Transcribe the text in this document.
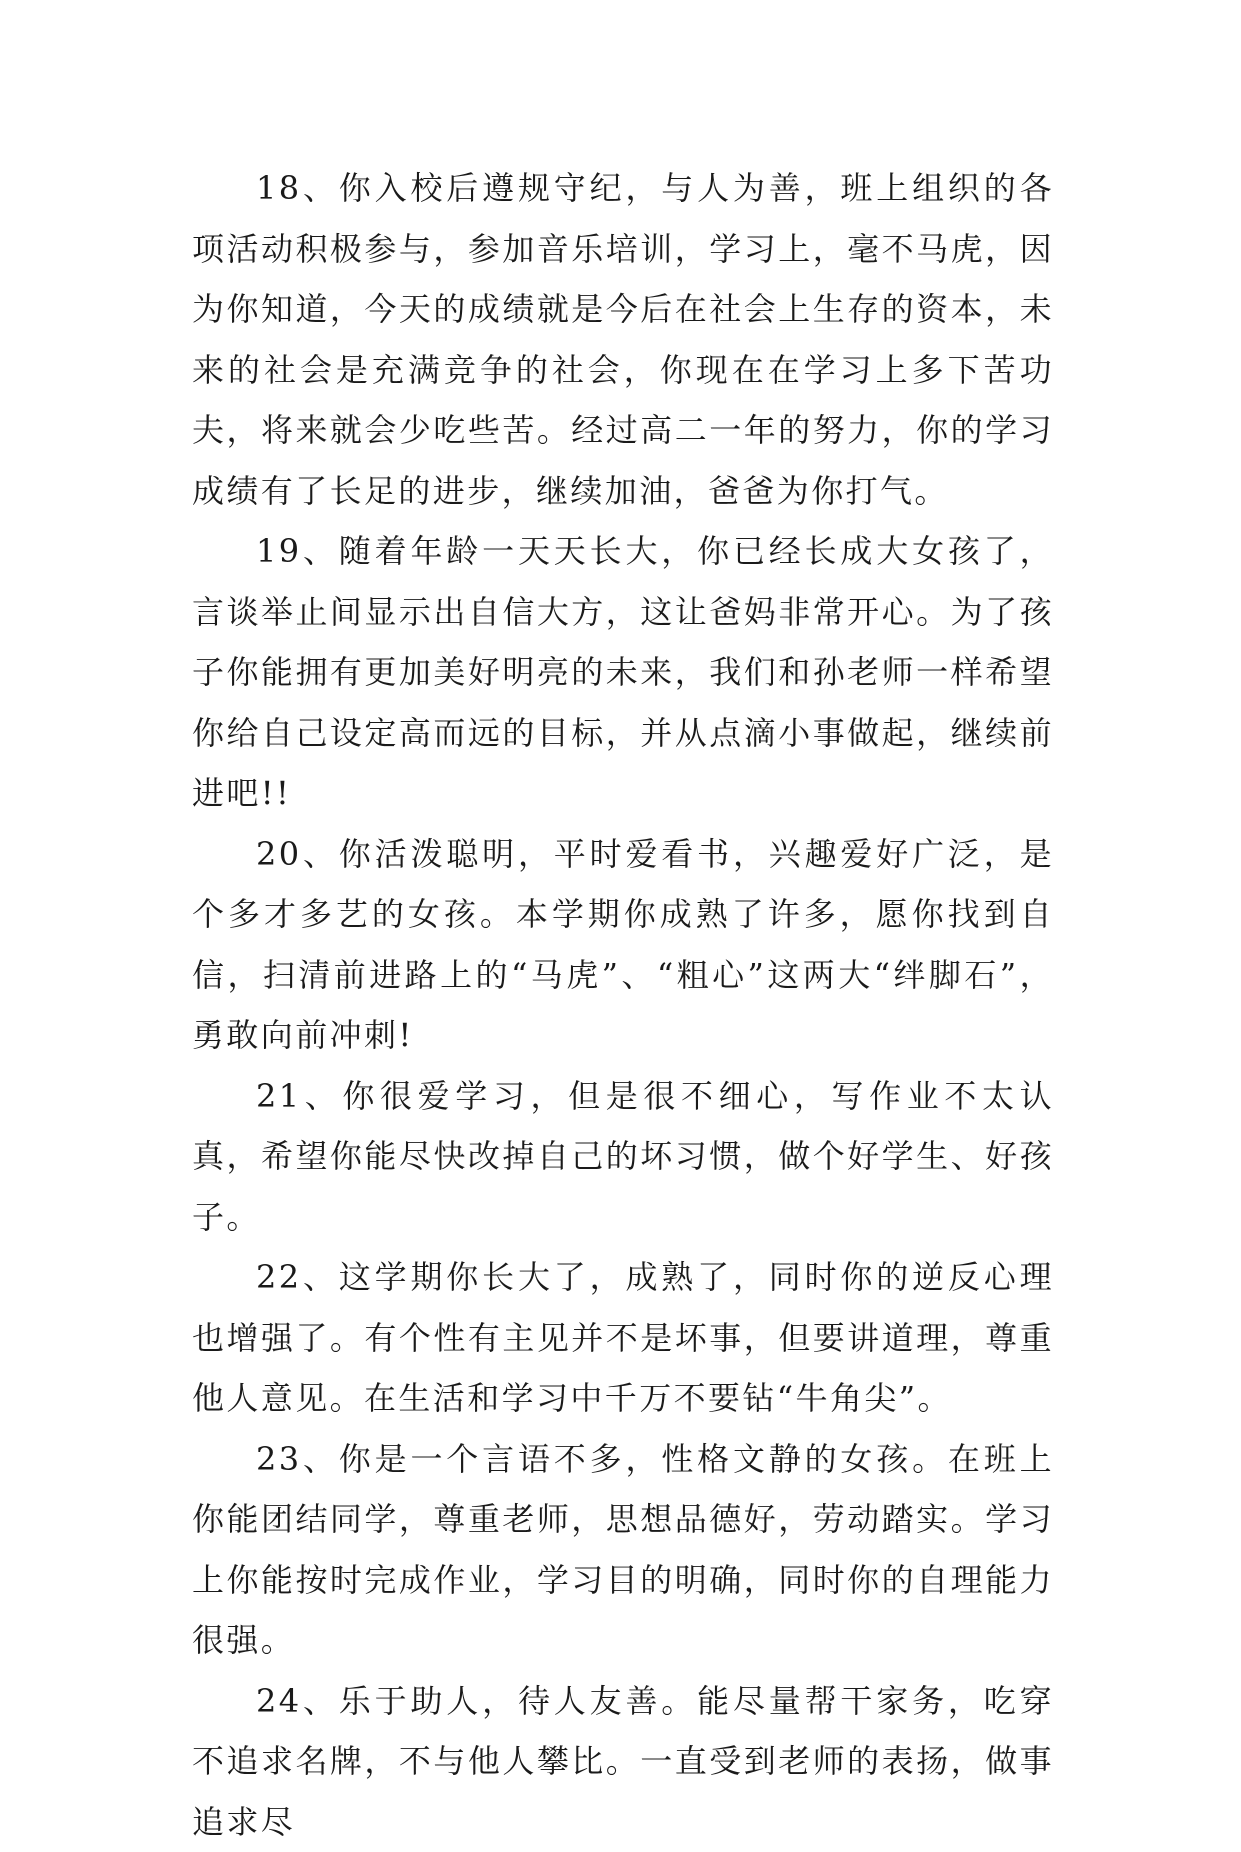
18、你入校后遵规守纪，与人为善，班上组织的各项活动积极参与，参加音乐培训，学习上，毫不马虎，因为你知道，今天的成绩就是今后在社会上生存的资本，未来的社会是充满竞争的社会，你现在在学习上多下苦功夫，将来就会少吃些苦。经过高二一年的努力，你的学习成绩有了长足的进步，继续加油，爸爸为你打气。

19、随着年龄一天天长大，你已经长成大女孩了，言谈举止间显示出自信大方，这让爸妈非常开心。为了孩子你能拥有更加美好明亮的未来，我们和孙老师一样希望你给自己设定高而远的目标，并从点滴小事做起，继续前进吧!!

20、你活泼聪明，平时爱看书，兴趣爱好广泛，是个多才多艺的女孩。本学期你成熟了许多，愿你找到自信，扫清前进路上的“马虎”、“粗心”这两大“绊脚石”，勇敢向前冲刺!

21、你很爱学习，但是很不细心，写作业不太认真，希望你能尽快改掉自己的坏习惯，做个好学生、好孩子。

22、这学期你长大了，成熟了，同时你的逆反心理也增强了。有个性有主见并不是坏事，但要讲道理，尊重他人意见。在生活和学习中千万不要钻“牛角尖”。

23、你是一个言语不多，性格文静的女孩。在班上你能团结同学，尊重老师，思想品德好，劳动踏实。学习上你能按时完成作业，学习目的明确，同时你的自理能力很强。

24、乐于助人，待人友善。能尽量帮干家务，吃穿不追求名牌，不与他人攀比。一直受到老师的表扬，做事追求尽
